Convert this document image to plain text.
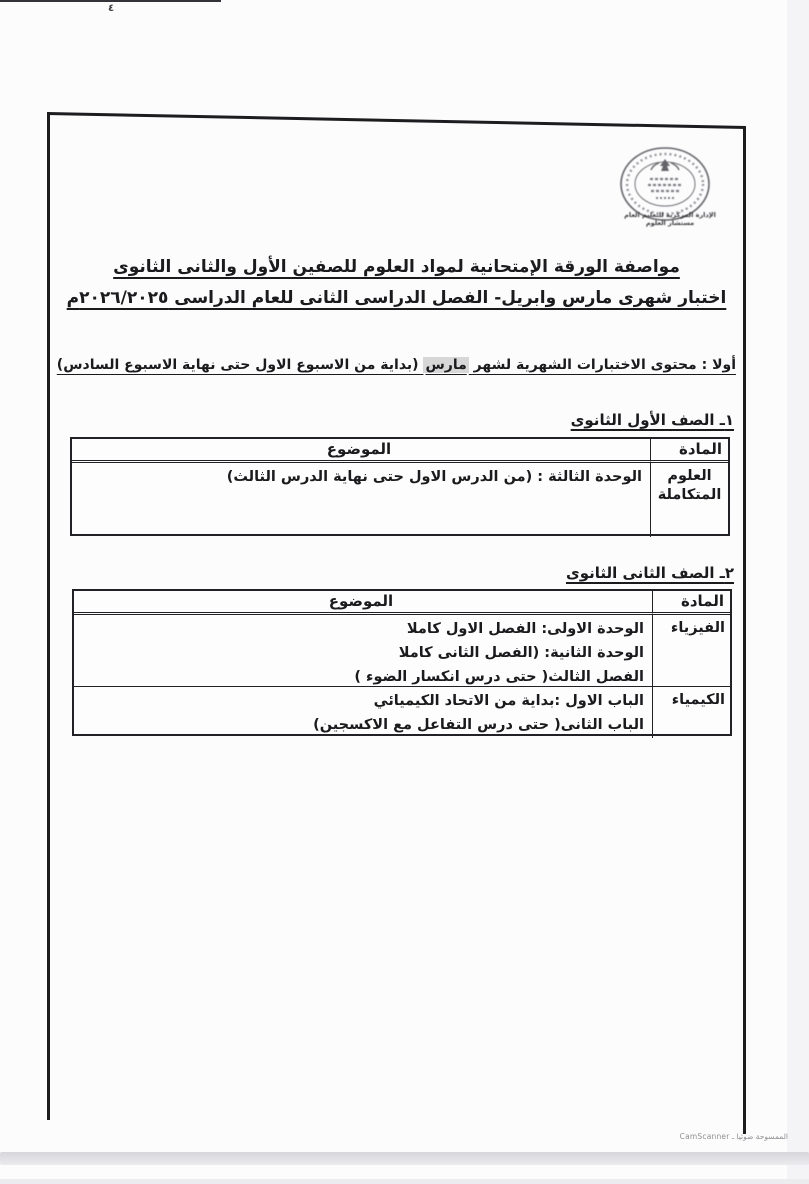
٤
الإدارة المركزية للتعليم العام
مستشار العلوم
مواصفة الورقة الإمتحانية لمواد العلوم للصفين الأول والثانى الثانوى
اختبار شهرى مارس وابريل- الفصل الدراسى الثانى للعام الدراسى ٢٠٢٦/٢٠٢٥م
أولا : محتوى الاختبارات الشهرية لشهر مارس (بداية من الاسبوع الاول حتى نهاية الاسبوع السادس)
١ـ الصف الأول الثانوى
المادة
الموضوع
العلوم المتكاملة
الوحدة الثالثة : (من الدرس الاول حتى نهاية الدرس الثالث)
٢ـ الصف الثانى الثانوى
المادة
الموضوع
الفيزياء
الوحدة الاولى: الفصل الاول كاملا
الوحدة الثانية: (الفصل الثانى كاملا
الفصل الثالث( حتى درس انكسار الضوء )
الكيمياء
الباب الاول :بداية من الاتحاد الكيميائي
الباب الثانى( حتى درس التفاعل مع الاكسجين)
الممسوحة ضوئيا ـ CamScanner
